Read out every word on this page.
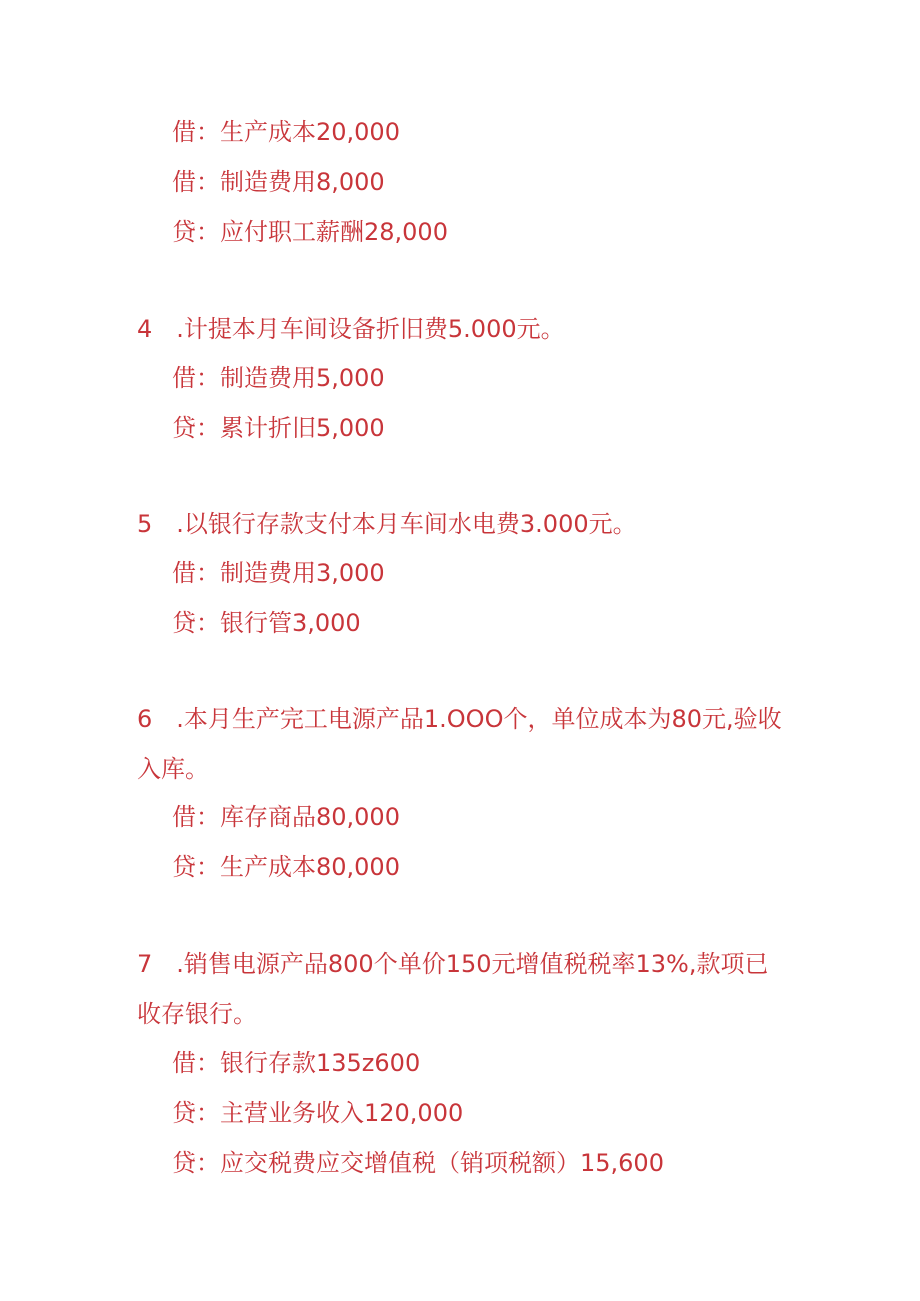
借：生产成本20,000
借：制造费用8,000
贷：应付职工薪酬28,000
4　.计提本月车间设备折旧费5.000元。
借：制造费用5,000
贷：累计折旧5,000
5　.以银行存款支付本月车间水电费3.000元。
借：制造费用3,000
贷：银行管3,000
6　.本月生产完工电源产品1.OOO个，单位成本为80元,验收
入库。
借：库存商品80,000
贷：生产成本80,000
7　.销售电源产品800个单价150元增值税税率13%,款项已
收存银行。
借：银行存款135z600
贷：主营业务收入120,000
贷：应交税费应交增值税（销项税额）15,600
